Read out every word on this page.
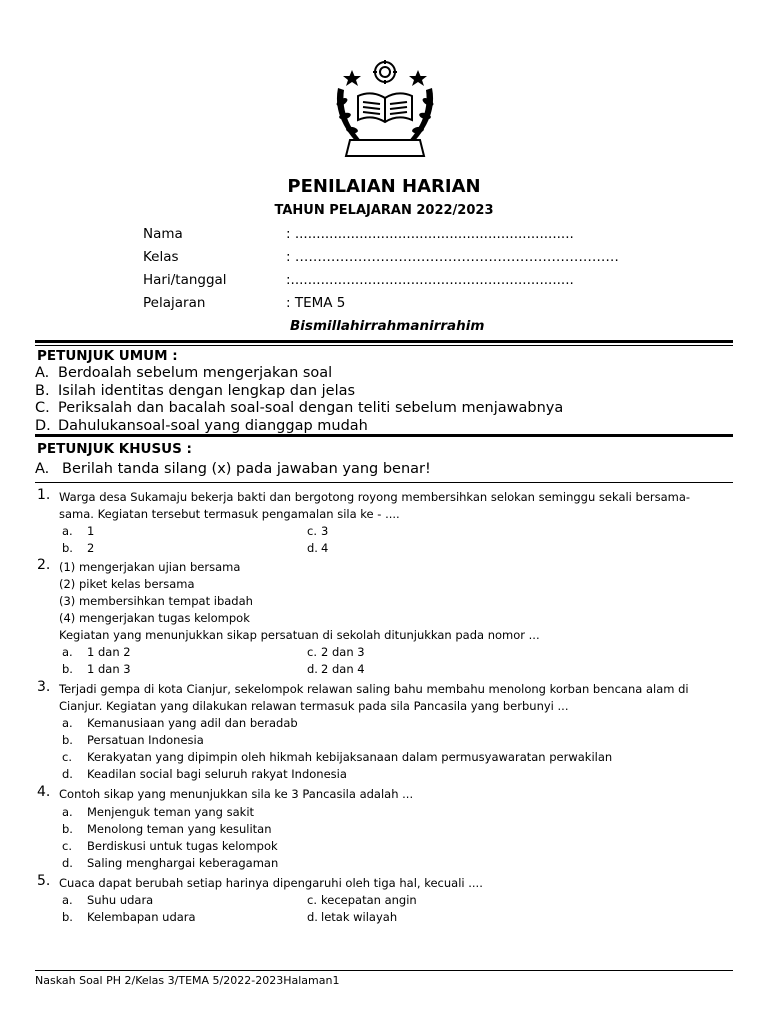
PENILAIAN HARIAN
TAHUN PELAJARAN 2022/2023
Nama	: .................................................................
Kelas	: ………………………………………………………………
Hari/tanggal	:..................................................................
Pelajaran	: TEMA 5
Bismillahirrahmanirrahim
PETUNJUK UMUM :
A. Berdoalah sebelum mengerjakan soal
B. Isilah identitas dengan lengkap dan jelas
C. Periksalah dan bacalah soal-soal dengan teliti sebelum menjawabnya
D. Dahulukansoal-soal yang dianggap mudah
PETUNJUK KHUSUS :
A. Berilah tanda silang (x) pada jawaban yang benar!
1. Warga desa Sukamaju bekerja bakti dan bergotong royong membersihkan selokan seminggu sekali bersama-
sama. Kegiatan tersebut termasuk pengamalan sila ke - ....
a. 1	c. 3
b. 2	d. 4
2. (1) mengerjakan ujian bersama
(2) piket kelas bersama
(3) membersihkan tempat ibadah
(4) mengerjakan tugas kelompok
Kegiatan yang menunjukkan sikap persatuan di sekolah ditunjukkan pada nomor ...
a. 1 dan 2	c. 2 dan 3
b. 1 dan 3	d. 2 dan 4
3. Terjadi gempa di kota Cianjur, sekelompok relawan saling bahu membahu menolong korban bencana alam di
Cianjur. Kegiatan yang dilakukan relawan termasuk pada sila Pancasila yang berbunyi ...
a. Kemanusiaan yang adil dan beradab
b. Persatuan Indonesia
c. Kerakyatan yang dipimpin oleh hikmah kebijaksanaan dalam permusyawaratan perwakilan
d. Keadilan social bagi seluruh rakyat Indonesia
4. Contoh sikap yang menunjukkan sila ke 3 Pancasila adalah ...
a. Menjenguk teman yang sakit
b. Menolong teman yang kesulitan
c. Berdiskusi untuk tugas kelompok
d. Saling menghargai keberagaman
5. Cuaca dapat berubah setiap harinya dipengaruhi oleh tiga hal, kecuali ....
a. Suhu udara	c. kecepatan angin
b. Kelembapan udara	d. letak wilayah
Naskah Soal PH 2/Kelas 3/TEMA 5/2022-2023Halaman1
